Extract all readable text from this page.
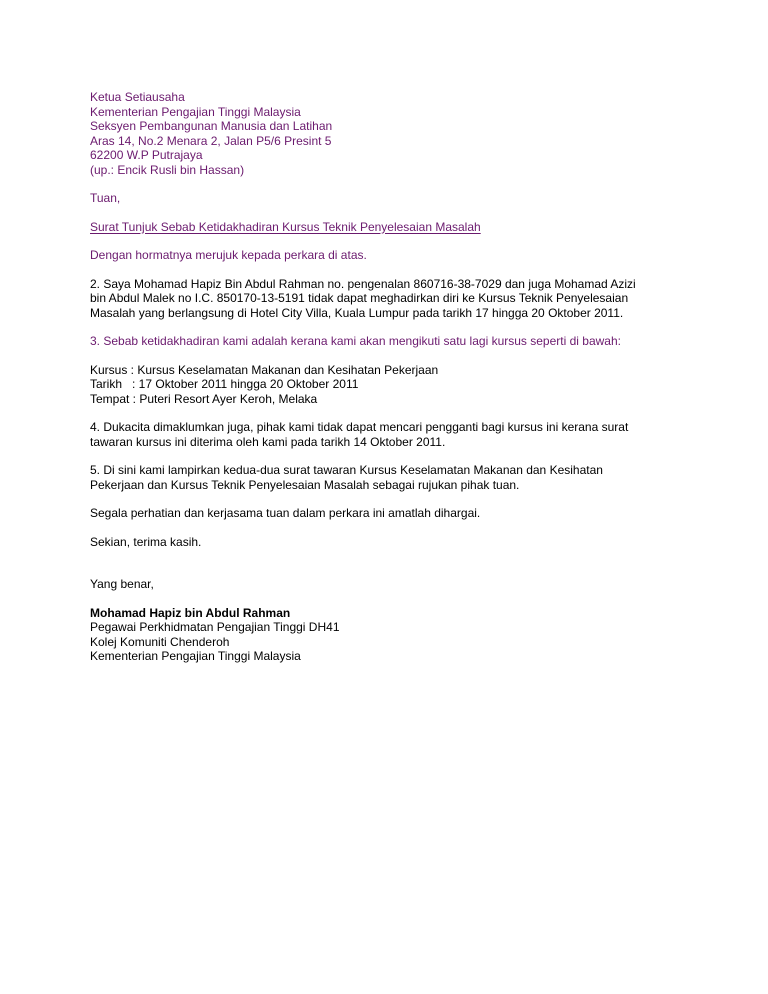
Ketua Setiausaha
Kementerian Pengajian Tinggi Malaysia
Seksyen Pembangunan Manusia dan Latihan
Aras 14, No.2 Menara 2, Jalan P5/6 Presint 5
62200 W.P Putrajaya
(up.: Encik Rusli bin Hassan)
Tuan,
Surat Tunjuk Sebab Ketidakhadiran Kursus Teknik Penyelesaian Masalah
Dengan hormatnya merujuk kepada perkara di atas.
2. Saya Mohamad Hapiz Bin Abdul Rahman no. pengenalan 860716-38-7029 dan juga Mohamad Azizi
bin Abdul Malek no I.C. 850170-13-5191 tidak dapat meghadirkan diri ke Kursus Teknik Penyelesaian
Masalah yang berlangsung di Hotel City Villa, Kuala Lumpur pada tarikh 17 hingga 20 Oktober 2011.
3. Sebab ketidakhadiran kami adalah kerana kami akan mengikuti satu lagi kursus seperti di bawah:
Kursus : Kursus Keselamatan Makanan dan Kesihatan Pekerjaan
Tarikh   : 17 Oktober 2011 hingga 20 Oktober 2011
Tempat : Puteri Resort Ayer Keroh, Melaka
4. Dukacita dimaklumkan juga, pihak kami tidak dapat mencari pengganti bagi kursus ini kerana surat
tawaran kursus ini diterima oleh kami pada tarikh 14 Oktober 2011.
5. Di sini kami lampirkan kedua-dua surat tawaran Kursus Keselamatan Makanan dan Kesihatan
Pekerjaan dan Kursus Teknik Penyelesaian Masalah sebagai rujukan pihak tuan.
Segala perhatian dan kerjasama tuan dalam perkara ini amatlah dihargai.
Sekian, terima kasih.
Yang benar,
Mohamad Hapiz bin Abdul Rahman
Pegawai Perkhidmatan Pengajian Tinggi DH41
Kolej Komuniti Chenderoh
Kementerian Pengajian Tinggi Malaysia
